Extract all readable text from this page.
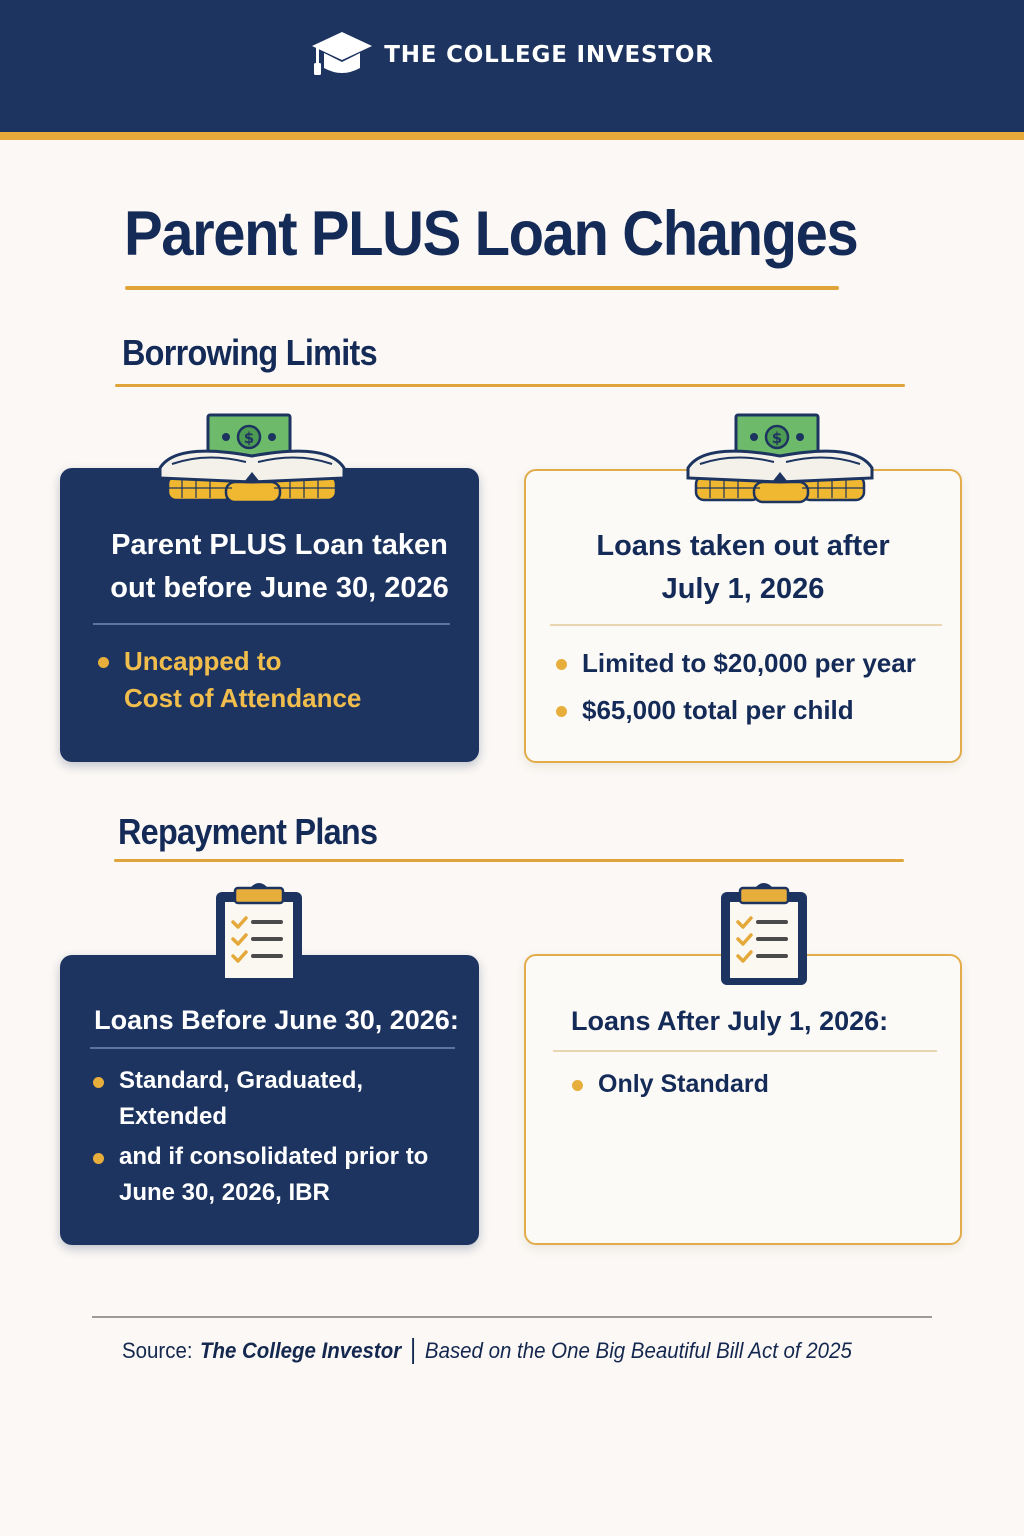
THE COLLEGE INVESTOR
Parent PLUS Loan Changes
Borrowing Limits
Parent PLUS Loan taken
out before June 30, 2026
Uncapped to
Cost of Attendance
Loans taken out after
July 1, 2026
Limited to $20,000 per year
$65,000 total per child
$	$
Repayment Plans
Loans Before June 30, 2026:
Standard, Graduated,
Extended
and if consolidated prior to
June 30, 2026, IBR
Loans After July 1, 2026:
Only Standard
Source: The College Investor Based on the One Big Beautiful Bill Act of 2025
